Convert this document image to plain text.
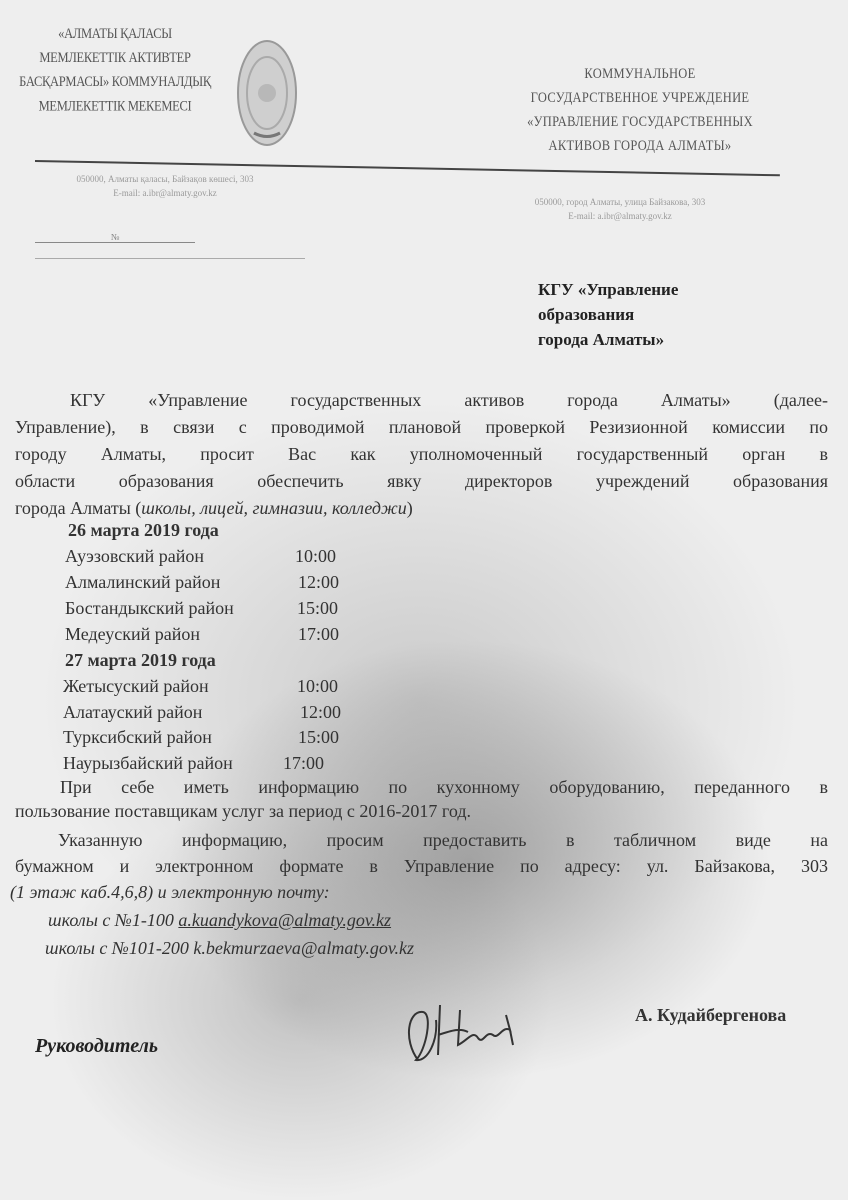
«АЛМАТЫ ҚАЛАСЫ
МЕМЛЕКЕТТІК АКТИВТЕР
БАСҚАРМАСЫ» КОММУНАЛДЫҚ
МЕМЛЕКЕТТІК МЕКЕМЕСІ
КОММУНАЛЬНОЕ
ГОСУДАРСТВЕННОЕ УЧРЕЖДЕНИЕ
«УПРАВЛЕНИЕ ГОСУДАРСТВЕННЫХ
АКТИВОВ ГОРОДА АЛМАТЫ»
050000, Алматы қаласы, Байзақов көшесі, 303
E-mail: a.ibr@almaty.gov.kz
050000, город Алматы, улица Байзакова, 303
E-mail: a.ibr@almaty.gov.kz
№
КГУ «Управление
образования
города Алматы»
КГУ «Управление государственных активов города Алматы» (далее-
Управление), в связи с проводимой плановой проверкой Резизионной комиссии по
городу Алматы, просит Вас как уполномоченный государственный орган в
области образования обеспечить явку директоров учреждений образования
города Алматы (школы, лицей, гимназии, колледжи)
26 марта 2019 года
Ауэзовский район	10:00
Алмалинский район	12:00
Бостандыкский район	15:00
Медеуский район	17:00
27 марта 2019 года
Жетысуский район	10:00
Алатауский район	12:00
Турксибский район	15:00
Наурызбайский район	17:00
При себе иметь информацию по кухонному оборудованию, переданного в
пользование поставщикам услуг за период с 2016-2017 год.
Указанную информацию, просим предоставить в табличном виде на
бумажном и электронном формате в Управление по адресу: ул. Байзакова, 303
(1 этаж каб.4,6,8) и электронную почту:
школы с №1-100 a.kuandykova@almaty.gov.kz
школы с №101-200 k.bekmurzaeva@almaty.gov.kz
Руководитель
А. Кудайбергенова
